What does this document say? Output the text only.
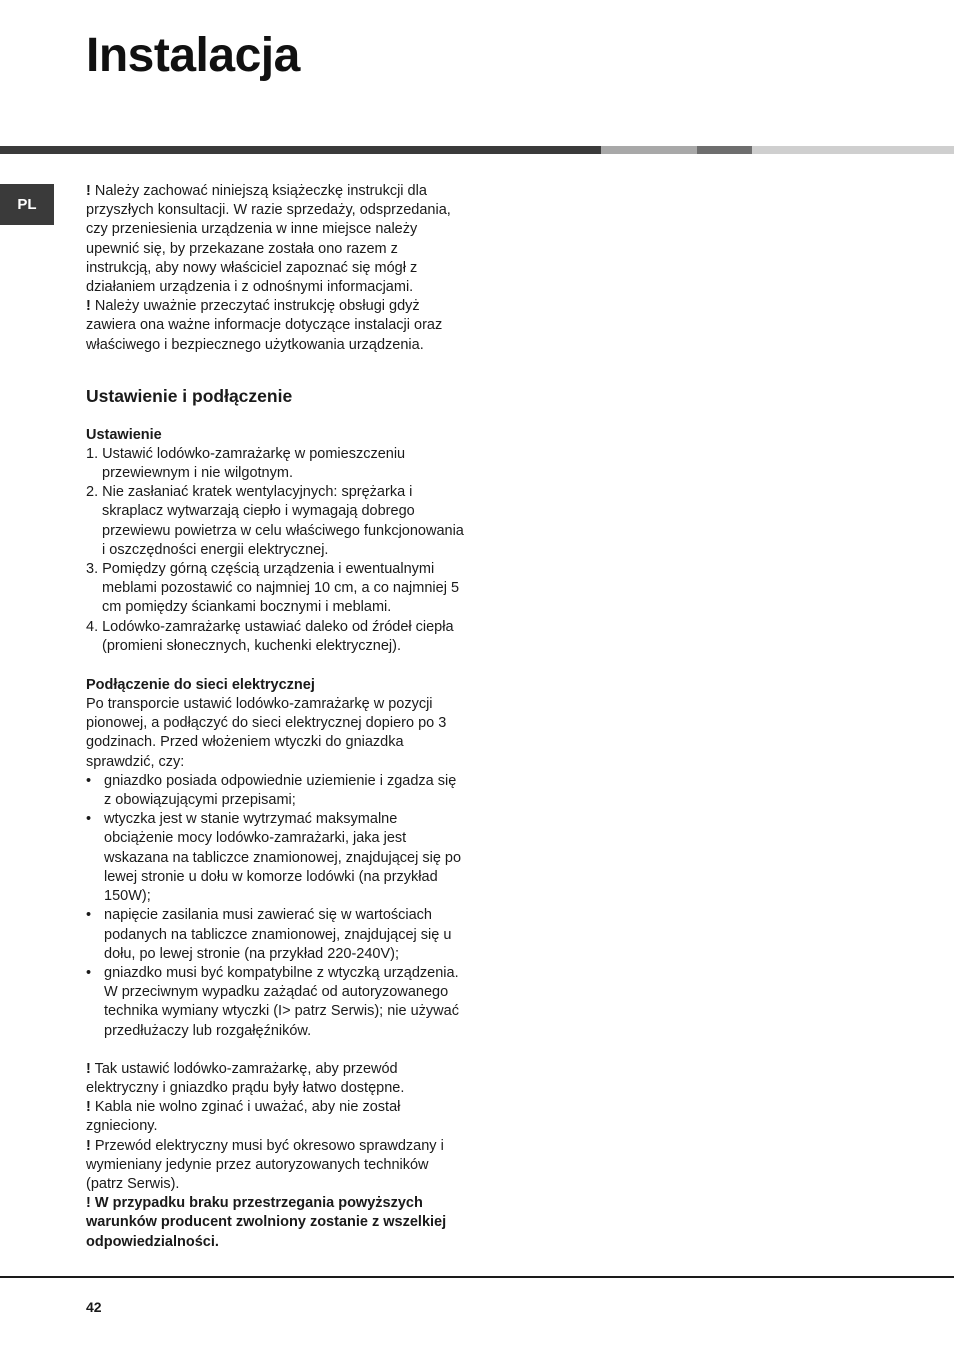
Instalacja
PL

! Należy zachować niniejszą książeczkę instrukcji dla przyszłych konsultacji. W razie sprzedaży, odsprzedania, czy przeniesienia urządzenia w inne miejsce należy upewnić się, by przekazane została ono razem z instrukcją, aby nowy właściciel zapoznać się mógł z działaniem urządzenia i z odnośnymi informacjami.

! Należy uważnie przeczytać instrukcję obsługi gdyż zawiera ona ważne informacje dotyczące instalacji oraz właściwego i bezpiecznego użytkowania urządzenia.

Ustawienie i podłączenie
Ustawienie
1. Ustawić lodówko-zamrażarkę w pomieszczeniu przewiewnym i nie wilgotnym.
2. Nie zasłaniać kratek wentylacyjnych: sprężarka i skraplacz wytwarzają ciepło i wymagają dobrego przewiewu powietrza w celu właściwego funkcjonowania i oszczędności energii elektrycznej.
3. Pomiędzy górną częścią urządzenia i ewentualnymi meblami pozostawić co najmniej 10 cm, a co najmniej 5 cm pomiędzy ściankami bocznymi i meblami.
4. Lodówko-zamrażarkę ustawiać daleko od źródeł ciepła (promieni słonecznych, kuchenki elektrycznej).
Podłączenie do sieci elektrycznej

Po transporcie ustawić lodówko-zamrażarkę w pozycji pionowej, a podłączyć do sieci elektrycznej dopiero po 3 godzinach. Przed włożeniem wtyczki do gniazdka sprawdzić, czy:

• gniazdko posiada odpowiednie uziemienie i zgadza się z obowiązującymi przepisami;
• wtyczka jest w stanie wytrzymać maksymalne obciążenie mocy lodówko-zamrażarki, jaka jest wskazana na tabliczce znamionowej, znajdującej się po lewej stronie u dołu w komorze lodówki (na przykład 150W);
• napięcie zasilania musi zawierać się w wartościach podanych na tabliczce znamionowej, znajdującej się u dołu, po lewej stronie (na przykład 220-240V);
• gniazdko musi być kompatybilne z wtyczką urządzenia. W przeciwnym wypadku zażądać od autoryzowanego technika wymiany wtyczki (I> patrz Serwis); nie używać przedłużaczy lub rozgałęźników.

! Tak ustawić lodówko-zamrażarkę, aby przewód elektryczny i gniazdko prądu były łatwo dostępne.

! Kabla nie wolno zginać i uważać, aby nie został zgnieciony.

! Przewód elektryczny musi być okresowo sprawdzany i wymieniany jedynie przez autoryzowanych techników (patrz Serwis).

! W przypadku braku przestrzegania powyższych warunków producent zwolniony zostanie z wszelkiej odpowiedzialności.

42
